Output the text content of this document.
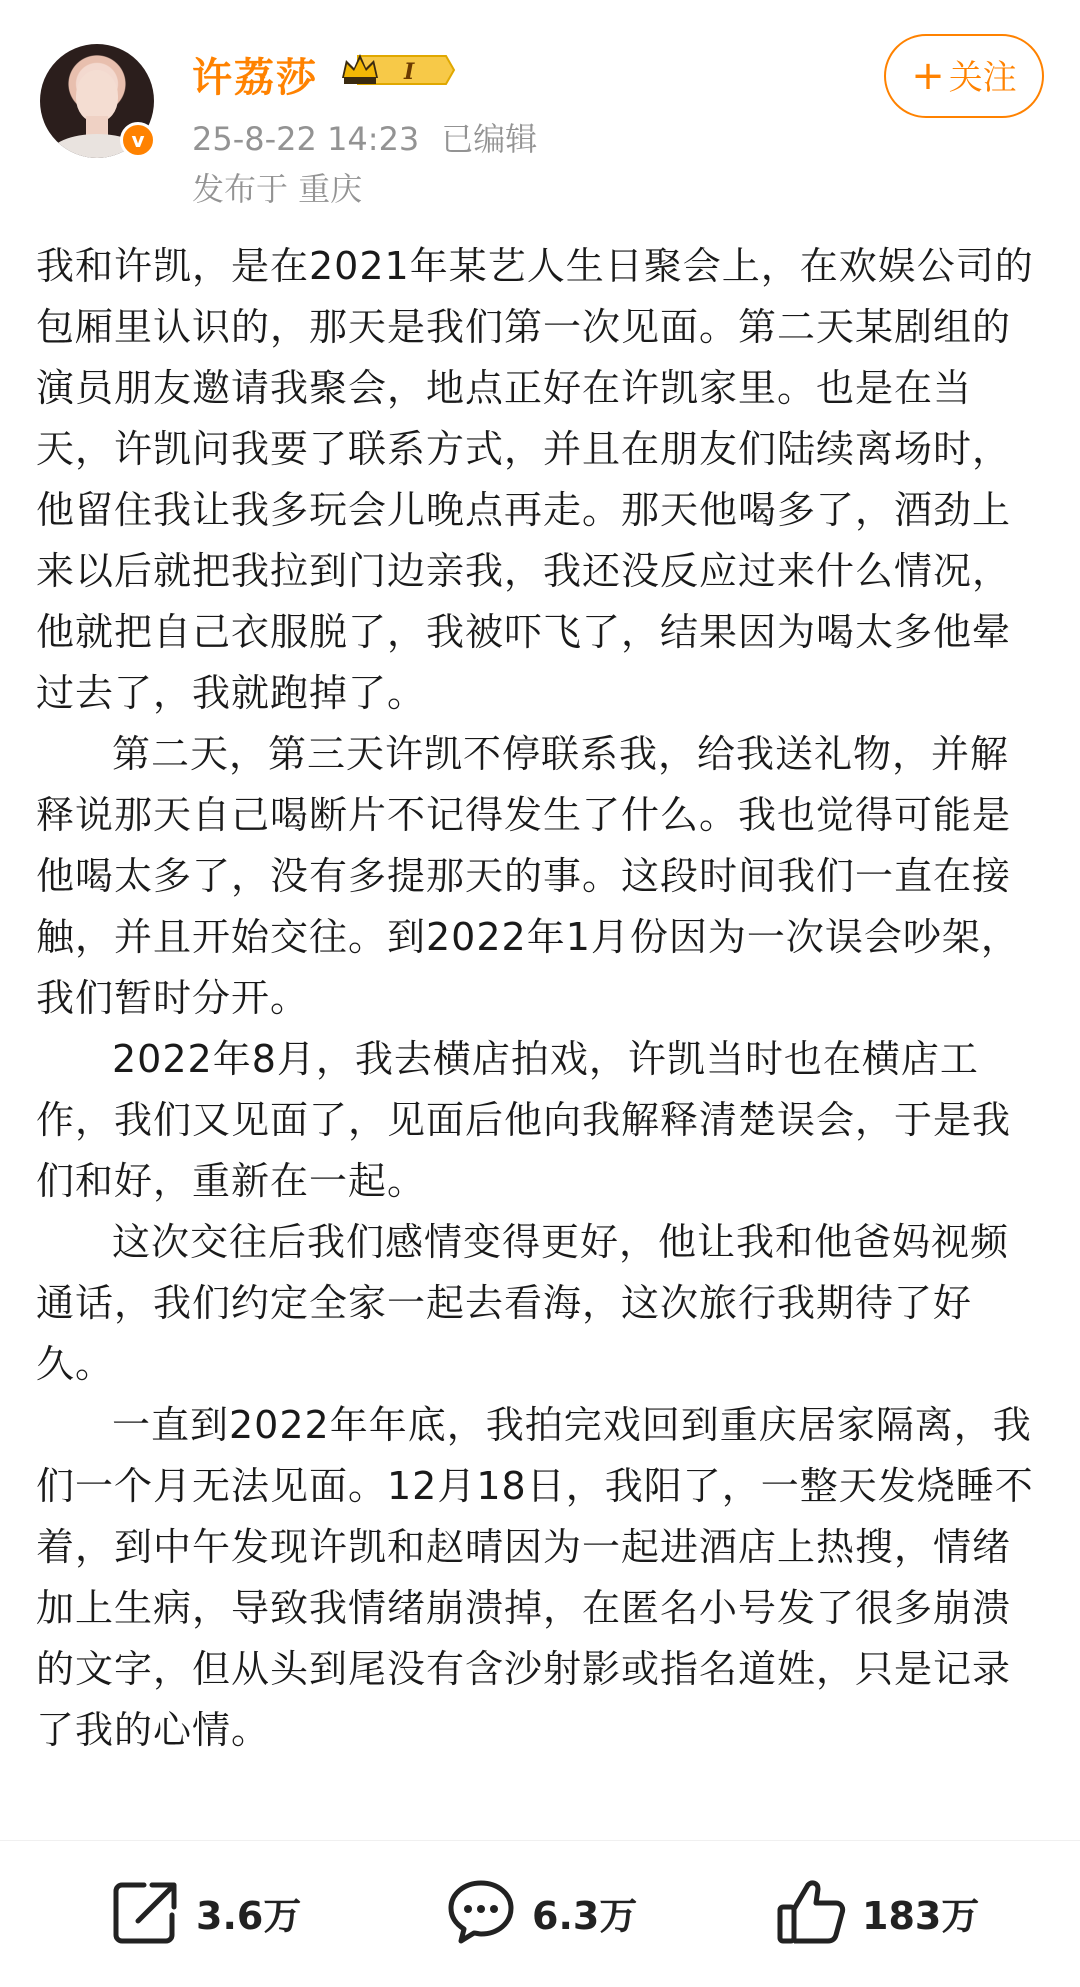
v
许荔莎	I
25-8-22 14:23 已编辑
发布于 重庆
+ 关注

我和许凯，是在2021年某艺人生日聚会上，在欢娱公司的包厢里认识的，那天是我们第一次见面。第二天某剧组的演员朋友邀请我聚会，地点正好在许凯家里。也是在当天，许凯问我要了联系方式，并且在朋友们陆续离场时，他留住我让我多玩会儿晚点再走。那天他喝多了，酒劲上来以后就把我拉到门边亲我，我还没反应过来什么情况，他就把自己衣服脱了，我被吓飞了，结果因为喝太多他晕过去了，我就跑掉了。

第二天，第三天许凯不停联系我，给我送礼物，并解释说那天自己喝断片不记得发生了什么。我也觉得可能是他喝太多了，没有多提那天的事。这段时间我们一直在接触，并且开始交往。到2022年1月份因为一次误会吵架，我们暂时分开。

2022年8月，我去横店拍戏，许凯当时也在横店工作，我们又见面了，见面后他向我解释清楚误会，于是我们和好，重新在一起。

这次交往后我们感情变得更好，他让我和他爸妈视频通话，我们约定全家一起去看海，这次旅行我期待了好久。

一直到2022年年底，我拍完戏回到重庆居家隔离，我们一个月无法见面。12月18日，我阳了，一整天发烧睡不着，到中午发现许凯和赵晴因为一起进酒店上热搜，情绪加上生病，导致我情绪崩溃掉，在匿名小号发了很多崩溃的文字，但从头到尾没有含沙射影或指名道姓，只是记录了我的心情。

3.6万	6.3万	183万
